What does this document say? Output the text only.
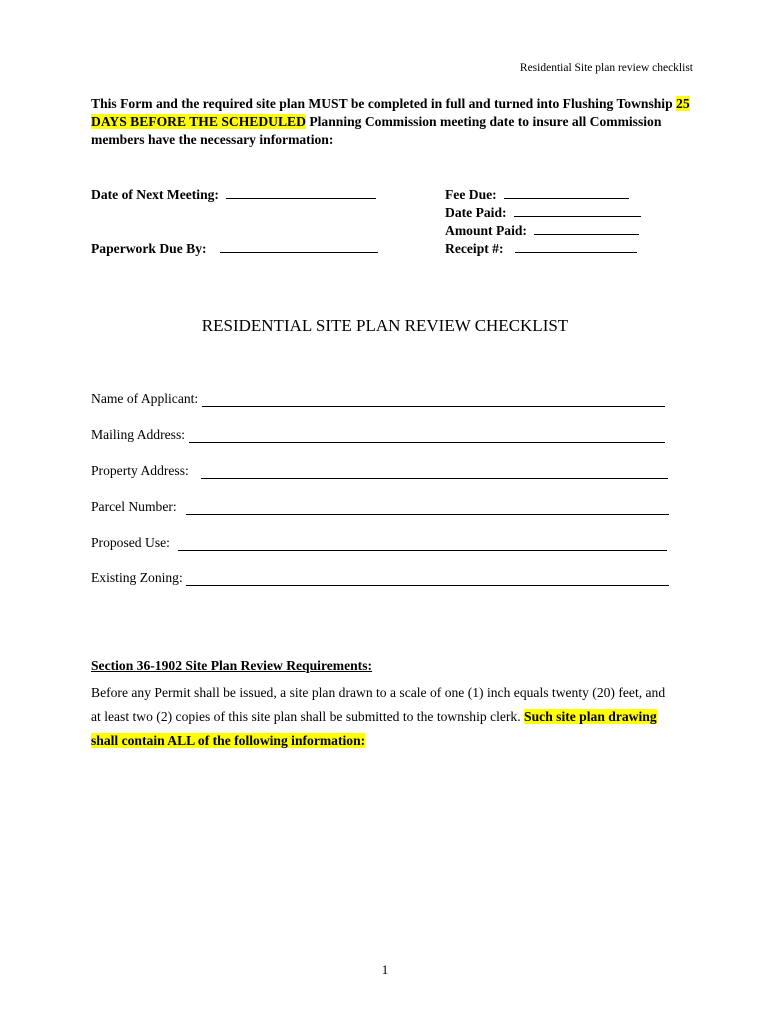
Residential Site plan review checklist
This Form and the required site plan MUST be completed in full and turned into Flushing Township 25 DAYS BEFORE THE SCHEDULED Planning Commission meeting date to insure all Commission members have the necessary information:
Date of Next Meeting:
Paperwork Due By:
Fee Due:
Date Paid:
Amount Paid:
Receipt #:
RESIDENTIAL SITE PLAN REVIEW CHECKLIST
Name of Applicant:
Mailing Address:
Property Address:
Parcel Number:
Proposed Use:
Existing Zoning:
Section 36-1902 Site Plan Review Requirements:
Before any Permit shall be issued, a site plan drawn to a scale of one (1) inch equals twenty (20) feet, and at least two (2) copies of this site plan shall be submitted to the township clerk. Such site plan drawing shall contain ALL of the following information:
1
